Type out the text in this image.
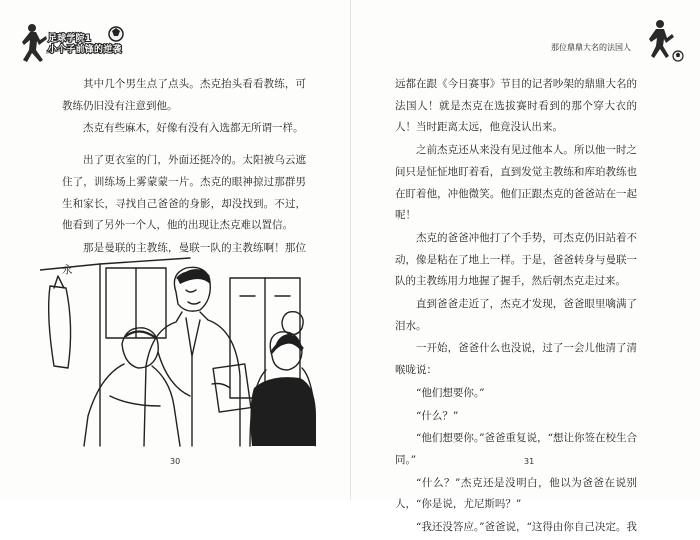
足球学院1
小个子前锋的逆袭

其中几个男生点了点头。杰克抬头看看教练，可教练仍旧没有注意到他。

杰克有些麻木，好像有没有入选都无所谓一样。

出了更衣室的门，外面还挺冷的。太阳被乌云遮住了，训练场上雾蒙蒙一片。杰克的眼神掠过那群男生和家长，寻找自己爸爸的身影，却没找到。不过，他看到了另外一个人，他的出现让杰克难以置信。

那是曼联的主教练，曼联一队的主教练啊！那位永

30
那位鼎鼎大名的法国人

远都在跟《今日赛事》节目的记者吵架的鼎鼎大名的法国人！就是杰克在选拔赛时看到的那个穿大衣的人！当时距离太远，他竟没认出来。

之前杰克还从来没有见过他本人。所以他一时之间只是怔怔地盯着看，直到发觉主教练和库珀教练也在盯着他，冲他微笑。他们正跟杰克的爸爸站在一起呢！

杰克的爸爸冲他打了个手势，可杰克仍旧站着不动，像是粘在了地上一样。于是，爸爸转身与曼联一队的主教练用力地握了握手，然后朝杰克走过来。

直到爸爸走近了，杰克才发现，爸爸眼里噙满了泪水。

一开始，爸爸什么也没说，过了一会儿他清了清喉咙说：

“他们想要你。”

“什么？”

“他们想要你。”爸爸重复说，“想让你签在校生合同。”

“什么？”杰克还是没明白，他以为爸爸在说别人，“你是说，尤尼斯吗？”

“我还没答应。”爸爸说，“这得由你自己决定。我

31
